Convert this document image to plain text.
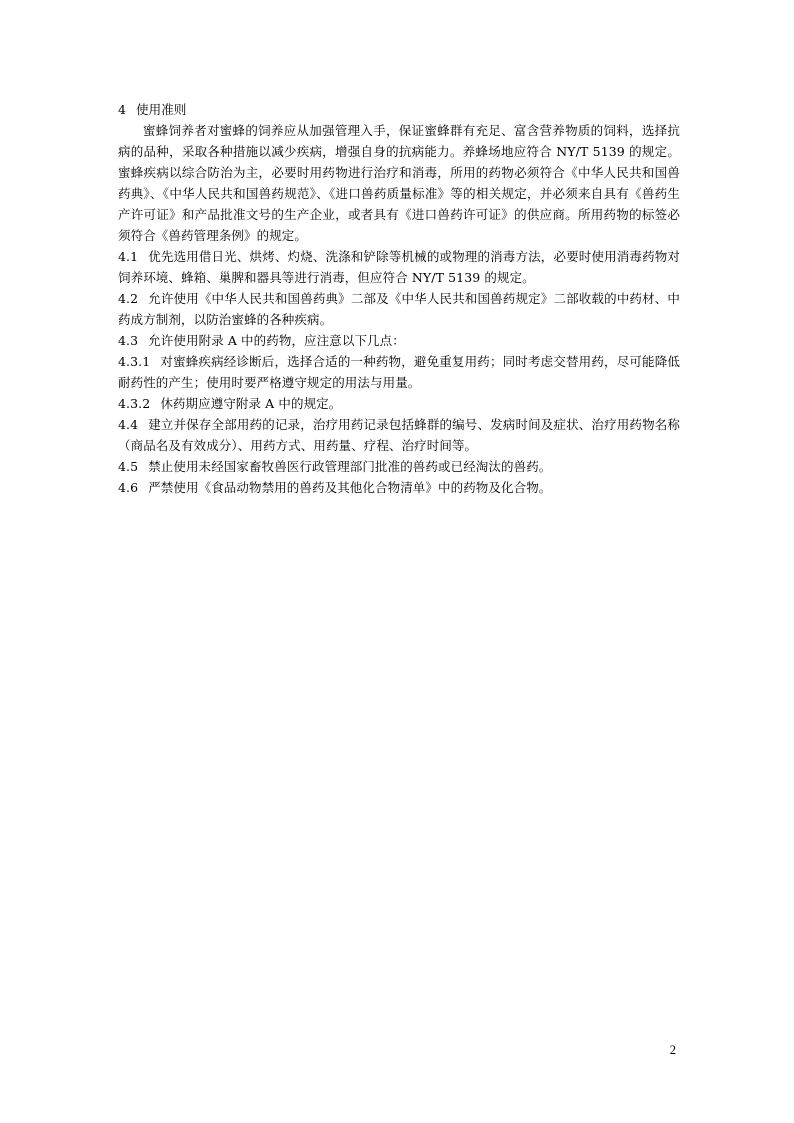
4 使用准则

蜜蜂饲养者对蜜蜂的饲养应从加强管理入手，保证蜜蜂群有充足、富含营养物质的饲料，选择抗病的品种，采取各种措施以减少疾病，增强自身的抗病能力。养蜂场地应符合 NY/T 5139 的规定。蜜蜂疾病以综合防治为主，必要时用药物进行治疗和消毒，所用的药物必须符合《中华人民共和国兽药典》、《中华人民共和国兽药规范》、《进口兽药质量标准》等的相关规定，并必须来自具有《兽药生产许可证》和产品批准文号的生产企业，或者具有《进口兽药许可证》的供应商。所用药物的标签必须符合《兽药管理条例》的规定。

4.1 优先选用借日光、烘烤、灼烧、洗涤和铲除等机械的或物理的消毒方法，必要时使用消毒药物对饲养环境、蜂箱、巢脾和器具等进行消毒，但应符合 NY/T 5139 的规定。

4.2 允许使用《中华人民共和国兽药典》二部及《中华人民共和国兽药规定》二部收载的中药材、中药成方制剂，以防治蜜蜂的各种疾病。

4.3 允许使用附录 A 中的药物，应注意以下几点：

4.3.1 对蜜蜂疾病经诊断后，选择合适的一种药物，避免重复用药；同时考虑交替用药，尽可能降低耐药性的产生；使用时要严格遵守规定的用法与用量。

4.3.2 休药期应遵守附录 A 中的规定。

4.4 建立并保存全部用药的记录，治疗用药记录包括蜂群的编号、发病时间及症状、治疗用药物名称（商品名及有效成分）、用药方式、用药量、疗程、治疗时间等。

4.5 禁止使用未经国家畜牧兽医行政管理部门批准的兽药或已经淘汰的兽药。

4.6 严禁使用《食品动物禁用的兽药及其他化合物清单》中的药物及化合物。

2
